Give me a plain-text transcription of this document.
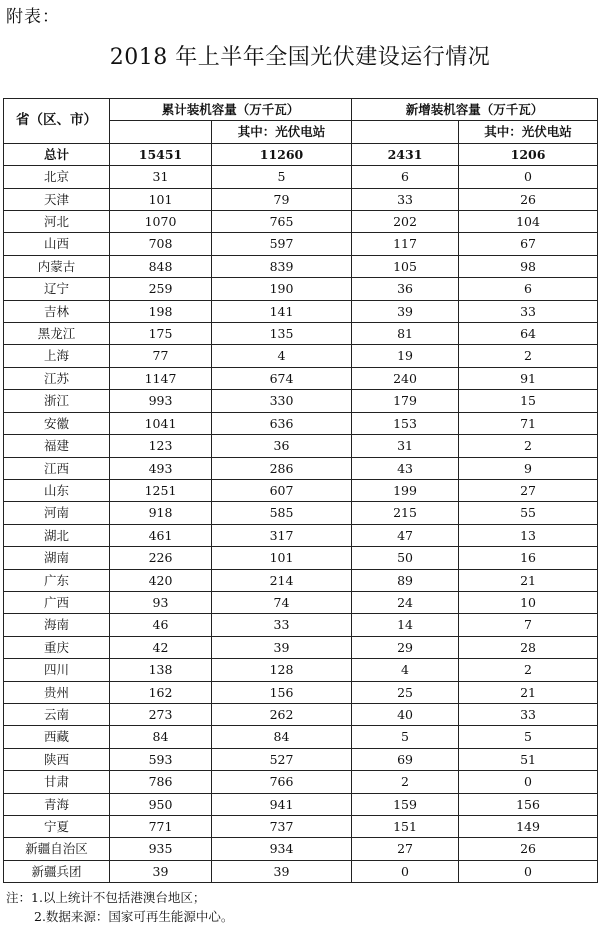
附表：
2018 年上半年全国光伏建设运行情况
省（区、市）	累计装机容量（万千瓦）		新增装机容量（万千瓦）	
		其中：光伏电站		其中：光伏电站
总计	15451	11260	2431	1206
北京	31	5	6	0
天津	101	79	33	26
河北	1070	765	202	104
山西	708	597	117	67
内蒙古	848	839	105	98
辽宁	259	190	36	6
吉林	198	141	39	33
黑龙江	175	135	81	64
上海	77	4	19	2
江苏	1147	674	240	91
浙江	993	330	179	15
安徽	1041	636	153	71
福建	123	36	31	2
江西	493	286	43	9
山东	1251	607	199	27
河南	918	585	215	55
湖北	461	317	47	13
湖南	226	101	50	16
广东	420	214	89	21
广西	93	74	24	10
海南	46	33	14	7
重庆	42	39	29	28
四川	138	128	4	2
贵州	162	156	25	21
云南	273	262	40	33
西藏	84	84	5	5
陕西	593	527	69	51
甘肃	786	766	2	0
青海	950	941	159	156
宁夏	771	737	151	149
新疆自治区	935	934	27	26
新疆兵团	39	39	0	0
注：1.以上统计不包括港澳台地区；
2.数据来源：国家可再生能源中心。
